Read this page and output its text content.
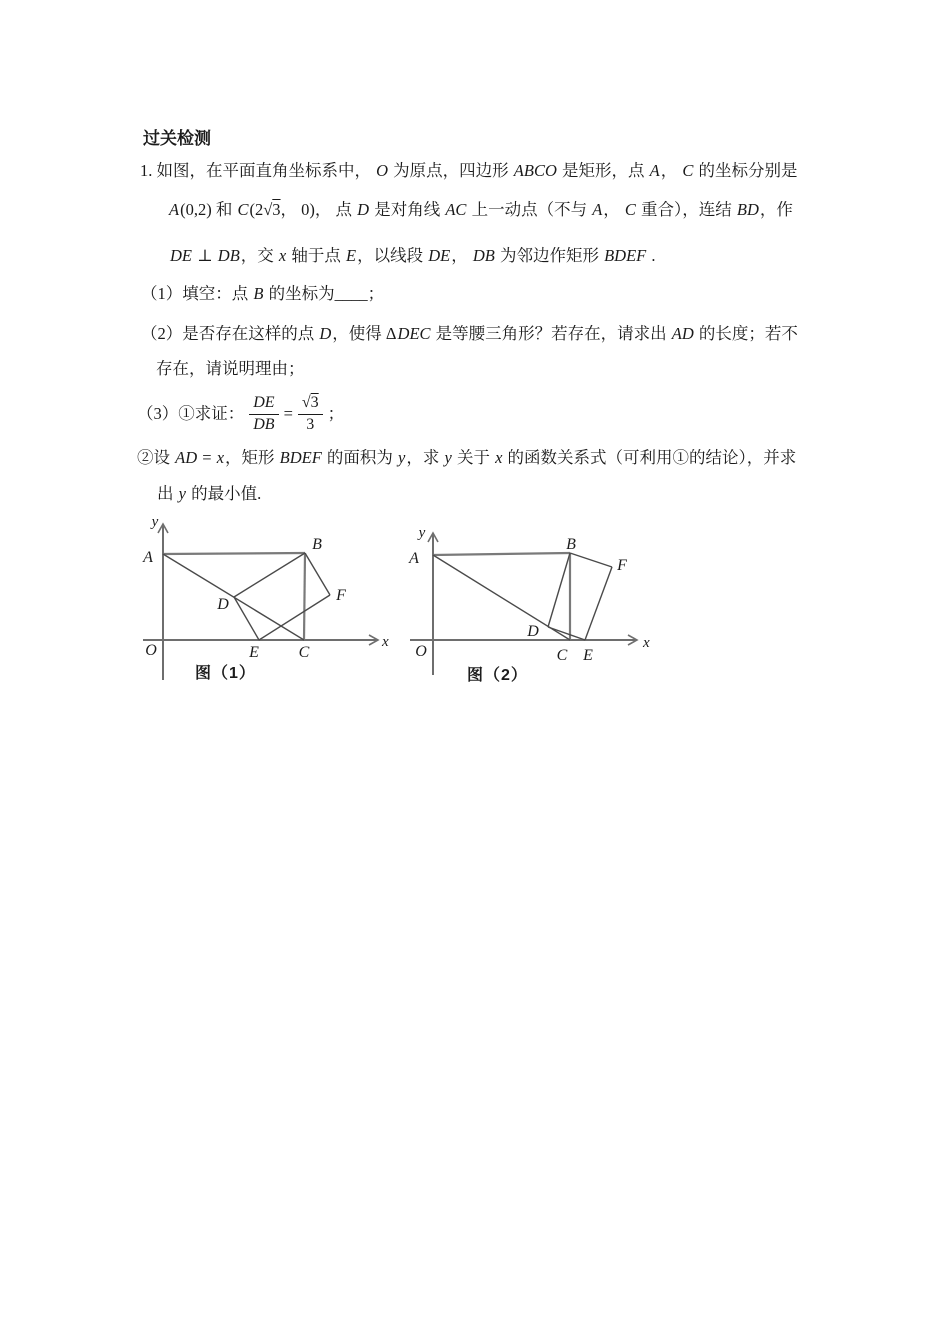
过关检测
1. 如图，在平面直角坐标系中， O 为原点，四边形 ABCO 是矩形，点 A， C 的坐标分别是
A(0,2) 和 C(2√3， 0)， 点 D 是对角线 AC 上一动点（不与 A， C 重合），连结 BD，作
DE ⊥ DB，交 x 轴于点 E，以线段 DE， DB 为邻边作矩形 BDEF .
（1）填空：点 B 的坐标为____；
（2）是否存在这样的点 D，使得 ΔDEC 是等腰三角形？若存在，请求出 AD 的长度；若不
存在，请说明理由；
（3）①求证： $\frac{DE}{DB} = \frac{√3}{3}$ ；
②设 AD = x，矩形 BDEF 的面积为 y，求 y 关于 x 的函数关系式（可利用①的结论），并求
出 y 的最小值.
y
x
O
A
B
C
D
E
F
图（1）
y
x
O
A
B
C
D
E
F
图（2）
